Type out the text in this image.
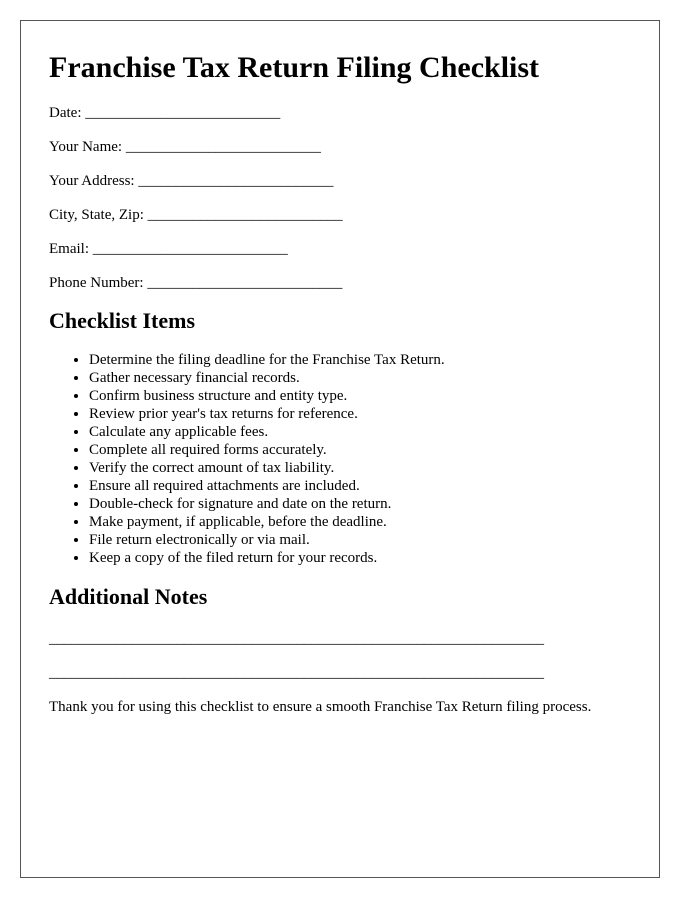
Franchise Tax Return Filing Checklist
Date: __________________________
Your Name: __________________________
Your Address: __________________________
City, State, Zip: __________________________
Email: __________________________
Phone Number: __________________________
Checklist Items
• Determine the filing deadline for the Franchise Tax Return.
• Gather necessary financial records.
• Confirm business structure and entity type.
• Review prior year's tax returns for reference.
• Calculate any applicable fees.
• Complete all required forms accurately.
• Verify the correct amount of tax liability.
• Ensure all required attachments are included.
• Double-check for signature and date on the return.
• Make payment, if applicable, before the deadline.
• File return electronically or via mail.
• Keep a copy of the filed return for your records.
Additional Notes

__________________________________________________________________

__________________________________________________________________

Thank you for using this checklist to ensure a smooth Franchise Tax Return filing process.
